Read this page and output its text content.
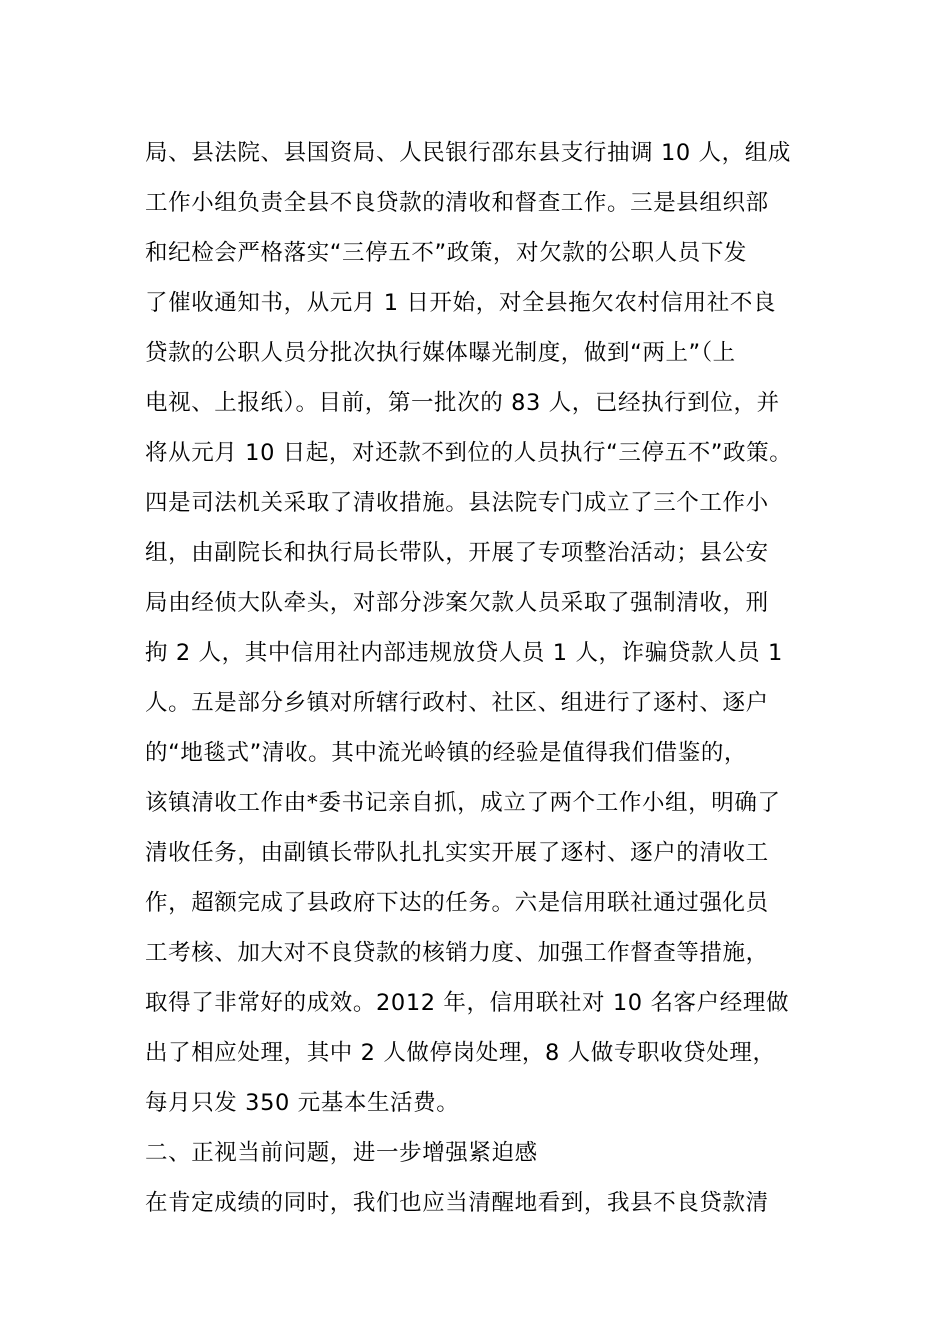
局、县法院、县国资局、人民银行邵东县支行抽调 10 人，组成
工作小组负责全县不良贷款的清收和督查工作。三是县组织部
和纪检会严格落实“三停五不”政策，对欠款的公职人员下发
了催收通知书，从元月 1 日开始，对全县拖欠农村信用社不良
贷款的公职人员分批次执行媒体曝光制度，做到“两上”（上
电视、上报纸）。目前，第一批次的 83 人，已经执行到位，并
将从元月 10 日起，对还款不到位的人员执行“三停五不”政策。
四是司法机关采取了清收措施。县法院专门成立了三个工作小
组，由副院长和执行局长带队，开展了专项整治活动；县公安
局由经侦大队牵头，对部分涉案欠款人员采取了强制清收，刑
拘 2 人，其中信用社内部违规放贷人员 1 人，诈骗贷款人员 1
人。五是部分乡镇对所辖行政村、社区、组进行了逐村、逐户
的“地毯式”清收。其中流光岭镇的经验是值得我们借鉴的，
该镇清收工作由*委书记亲自抓，成立了两个工作小组，明确了
清收任务，由副镇长带队扎扎实实开展了逐村、逐户的清收工
作，超额完成了县政府下达的任务。六是信用联社通过强化员
工考核、加大对不良贷款的核销力度、加强工作督查等措施，
取得了非常好的成效。2012 年，信用联社对 10 名客户经理做
出了相应处理，其中 2 人做停岗处理，8 人做专职收贷处理，
每月只发 350 元基本生活费。
二、正视当前问题，进一步增强紧迫感
在肯定成绩的同时，我们也应当清醒地看到，我县不良贷款清
